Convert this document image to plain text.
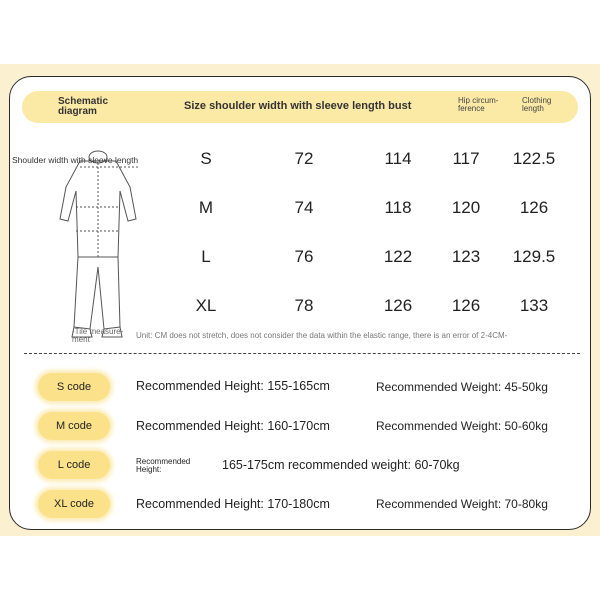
Schematic
diagram	Size shoulder width with sleeve length bust	Hip circum-
ference
Clothing
length
Shoulder width with sleeve length	S	72	114	117	122.5
M	74	118	120	126
L	76	122	123	129.5
XL	78	126	126	133
-Tile measure-
ment	Unit: CM does not stretch, does not consider the data within the elastic range, there is an error of 2-4CM-
S code	Recommended Height: 155-165cm	Recommended Weight: 45-50kg
M code	Recommended Height: 160-170cm	Recommended Weight: 50-60kg
L code	Recommended
Height:	165-175cm recommended weight: 60-70kg
XL code	Recommended Height: 170-180cm	Recommended Weight: 70-80kg
